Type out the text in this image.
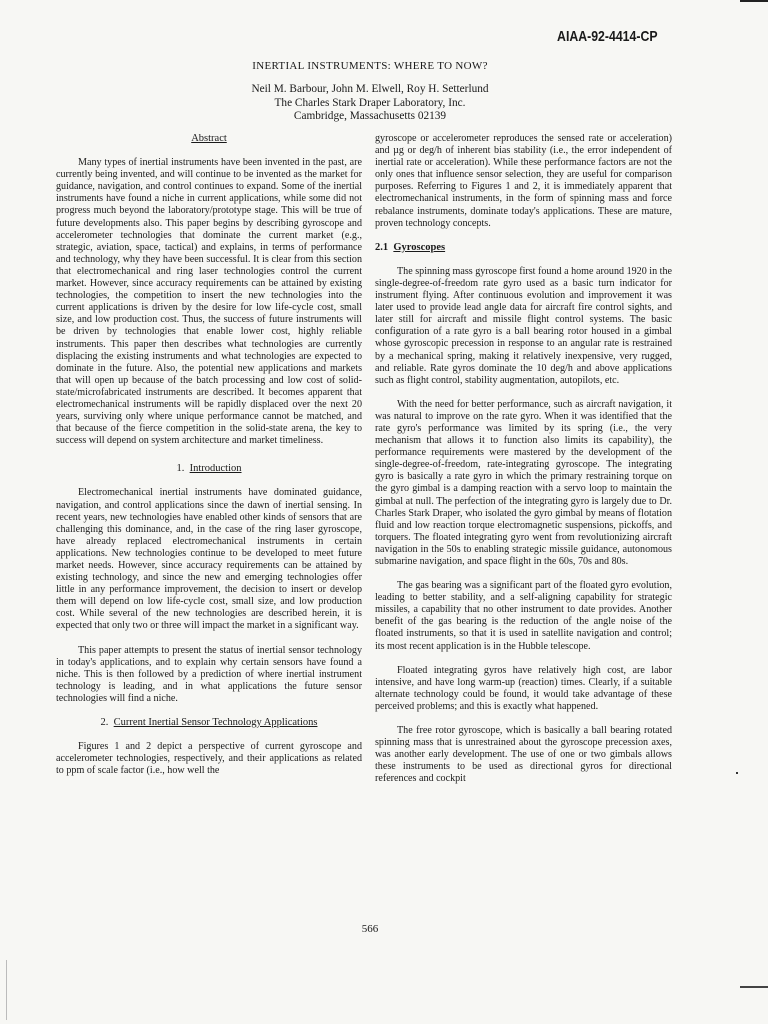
AIAA-92-4414-CP
INERTIAL INSTRUMENTS: WHERE TO NOW?
Neil M. Barbour, John M. Elwell, Roy H. Setterlund
The Charles Stark Draper Laboratory, Inc.
Cambridge, Massachusetts 02139
Abstract

Many types of inertial instruments have been invented in the past, are currently being invented, and will continue to be invented as the market for guidance, navigation, and control continues to expand. Some of the inertial instruments have found a niche in current applications, while some did not progress much beyond the laboratory/prototype stage. This will be true of future developments also. This paper begins by describing gyroscope and accelerometer technologies that dominate the current market (e.g., strategic, aviation, space, tactical) and explains, in terms of performance and technology, why they have been successful. It is clear from this section that electromechanical and ring laser technologies control the current market. However, since accuracy requirements can be attained by existing technologies, the competition to insert the new technologies into the current applications is driven by the desire for low life-cycle cost, small size, and low production cost. Thus, the success of future instruments will be driven by technologies that enable lower cost, highly reliable instruments. This paper then describes what technologies are currently displacing the existing instruments and what technologies are expected to dominate in the future. Also, the potential new applications and markets that will open up because of the batch processing and low cost of solid-state/microfabricated instruments are described. It becomes apparent that electromechanical instruments will be rapidly displaced over the next 20 years, surviving only where unique performance cannot be matched, and that because of the fierce competition in the solid-state arena, the key to success will depend on system architecture and market timeliness.

1. Introduction

Electromechanical inertial instruments have dominated guidance, navigation, and control applications since the dawn of inertial sensing. In recent years, new technologies have enabled other kinds of sensors that are challenging this dominance, and, in the case of the ring laser gyroscope, have already replaced electromechanical instruments in certain applications. New technologies continue to be developed to meet future market needs. However, since accuracy requirements can be attained by existing technology, and since the new and emerging technologies offer little in any performance improvement, the decision to insert or develop them will depend on low life-cycle cost, small size, and low production cost. While several of the new technologies are described herein, it is expected that only two or three will impact the market in a significant way.

This paper attempts to present the status of inertial sensor technology in today's applications, and to explain why certain sensors have found a niche. This is then followed by a prediction of where inertial instrument technology is leading, and in what applications the future sensor technologies will find a niche.

2. Current Inertial Sensor Technology Applications

Figures 1 and 2 depict a perspective of current gyroscope and accelerometer technologies, respectively, and their applications as related to ppm of scale factor (i.e., how well the

gyroscope or accelerometer reproduces the sensed rate or acceleration) and µg or deg/h of inherent bias stability (i.e., the error independent of inertial rate or acceleration). While these performance factors are not the only ones that influence sensor selection, they are useful for comparison purposes. Referring to Figures 1 and 2, it is immediately apparent that electromechanical instruments, in the form of spinning mass and force rebalance instruments, dominate today's applications. These are mature, proven technology concepts.

2.1 Gyroscopes

The spinning mass gyroscope first found a home around 1920 in the single-degree-of-freedom rate gyro used as a basic turn indicator for instrument flying. After continuous evolution and improvement it was later used to provide lead angle data for aircraft fire control sights, and later still for aircraft and missile flight control systems. The basic configuration of a rate gyro is a ball bearing rotor housed in a gimbal whose gyroscopic precession in response to an angular rate is restrained by a mechanical spring, making it relatively inexpensive, very rugged, and reliable. Rate gyros dominate the 10 deg/h and above applications such as flight control, stability augmentation, autopilots, etc.

With the need for better performance, such as aircraft navigation, it was natural to improve on the rate gyro. When it was identified that the rate gyro's performance was limited by its spring (i.e., the very mechanism that allows it to function also limits its capability), the performance requirements were mastered by the development of the single-degree-of-freedom, rate-integrating gyroscope. The integrating gyro is basically a rate gyro in which the primary restraining torque on the gyro gimbal is a damping reaction with a servo loop to maintain the gimbal at null. The perfection of the integrating gyro is largely due to Dr. Charles Stark Draper, who isolated the gyro gimbal by means of flotation fluid and low reaction torque electromagnetic suspensions, pickoffs, and torquers. The floated integrating gyro went from revolutionizing aircraft navigation in the 50s to enabling strategic missile guidance, autonomous submarine navigation, and space flight in the 60s, 70s and 80s.

The gas bearing was a significant part of the floated gyro evolution, leading to better stability, and a self-aligning capability for strategic missiles, a capability that no other instrument to date provides. Another benefit of the gas bearing is the reduction of the angle noise of the floated instruments, so that it is used in satellite navigation and control; its most recent application is in the Hubble telescope.

Floated integrating gyros have relatively high cost, are labor intensive, and have long warm-up (reaction) times. Clearly, if a suitable alternate technology could be found, it would take advantage of these perceived problems; and this is exactly what happened.

The free rotor gyroscope, which is basically a ball bearing rotated spinning mass that is unrestrained about the gyroscope precession axes, was another early development. The use of one or two gimbals allows these instruments to be used as directional gyros for directional references and cockpit

566
